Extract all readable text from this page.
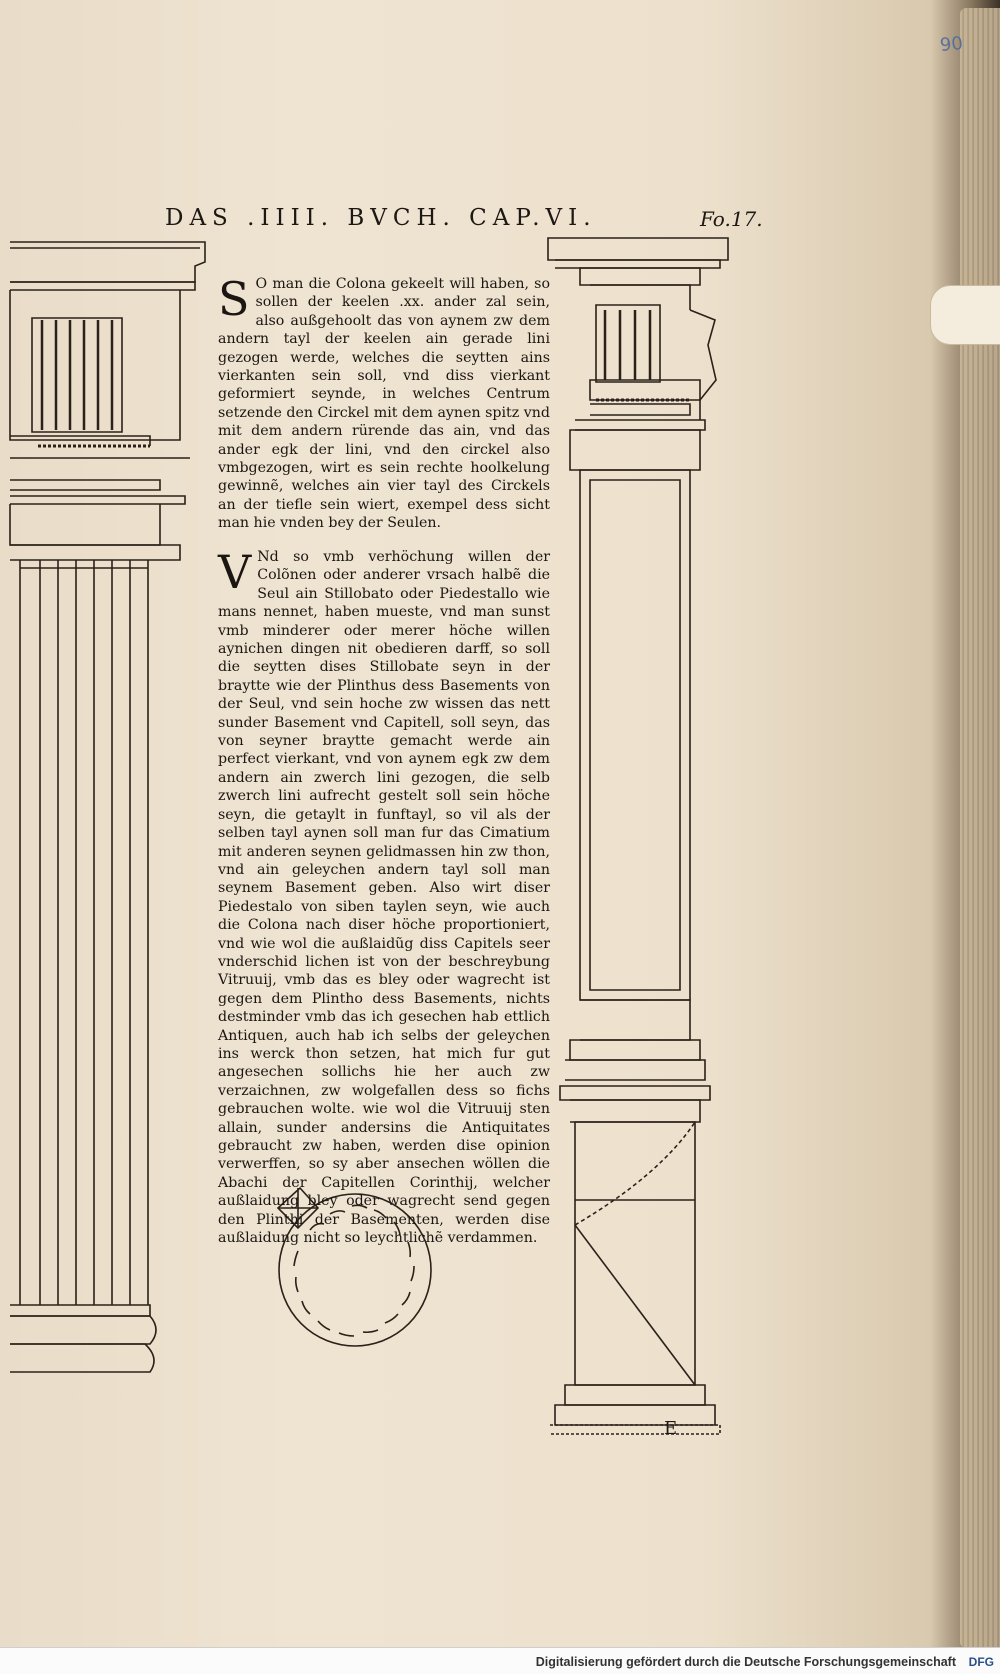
90
DAS .IIII. BVCH. CAP.VI.	Fo.17.
S O man die Colona gekeelt will haben, so sollen der keelen .xx. ander zal sein, also außgehoolt das von aynem zw dem andern tayl der keelen ain gerade lini gezogen werde, welches die seytten ains vierkanten sein soll, vnd diss vierkant geformiert seynde, in welches Centrum setzende den Circkel mit dem aynen spitz vnd mit dem andern rürende das ain, vnd das ander egk der lini, vnd den circkel also vmbgezogen, wirt es sein rechte hoolkelung gewinnẽ, welches ain vier tayl des Circkels an der tiefle sein wiert, exempel dess sicht man hie vnden bey der Seulen.

V Nd so vmb verhöchung willen der Colõnen oder anderer vrsach halbẽ die Seul ain Stillobato oder Piedestallo wie mans nennet, haben mueste, vnd man sunst vmb minderer oder merer höche willen aynichen dingen nit obedieren darff, so soll die seytten dises Stillobate seyn in der braytte wie der Plinthus dess Basements von der Seul, vnd sein hoche zw wissen das nett sunder Basement vnd Capitell, soll seyn, das von seyner braytte gemacht werde ain perfect vierkant, vnd von aynem egk zw dem andern ain zwerch lini gezogen, die selb zwerch lini aufrecht gestelt soll sein höche seyn, die getaylt in funftayl, so vil als der selben tayl aynen soll man fur das Cimatium mit anderen seynen gelidmassen hin zw thon, vnd ain geleychen andern tayl soll man seynem Basement geben. Also wirt diser Piedestalo von siben taylen seyn, wie auch die Colona nach diser höche proportioniert, vnd wie wol die außlaidũg diss Capitels seer vnderschid lichen ist von der beschreybung Vitruuij, vmb das es bley oder wagrecht ist gegen dem Plintho dess Basements, nichts destminder vmb das ich gesechen hab ettlich Antiquen, auch hab ich selbs der geleychen ins werck thon setzen, hat mich fur gut angesechen sollichs hie her auch zw verzaichnen, zw wolgefallen dess so fichs gebrauchen wolte. wie wol die Vitruuij sten allain, sunder andersins die Antiquitates gebraucht zw haben, werden dise opinion verwerffen, so sy aber ansechen wöllen die Abachi der Capitellen Corinthij, welcher außlaidung bley oder wagrecht send gegen den Plinthi der Basementen, werden dise außlaidung nicht so leychtlichẽ verdammen.

E
Digitalisierung gefördert durch die Deutsche Forschungsgemeinschaft DFG
